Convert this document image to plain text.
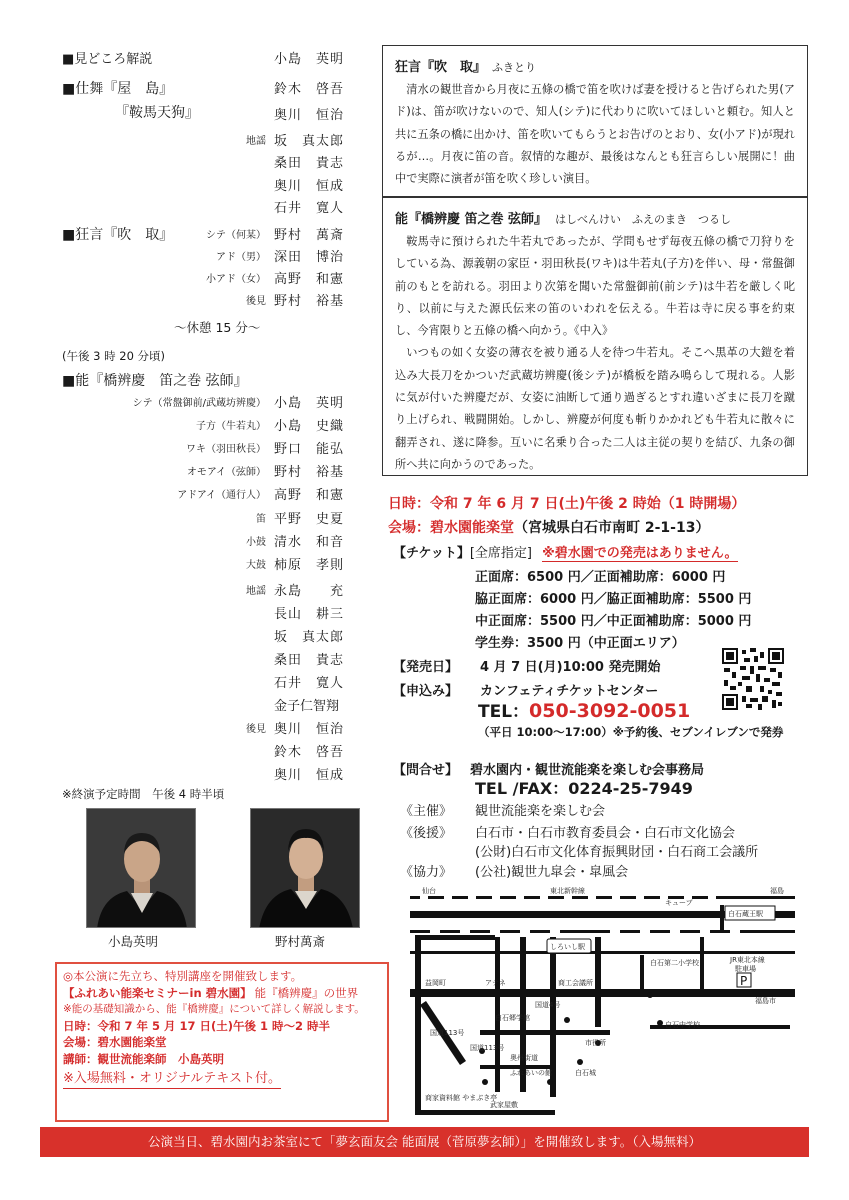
■見どころ解説	小島　英明
■仕舞『屋　島』	鈴木　啓吾
『鞍馬天狗』	奥川　恒治
地謡 坂　真太郎
桑田　貴志
奥川　恒成
石井　寛人
■狂言『吹　取』	シテ（何某） 野村　萬斎
アド（男） 深田　博治
小アド（女） 高野　和憲
後見 野村　裕基
〜休憩 15 分〜
(午後 3 時 20 分頃)
■能『橋辨慶　笛之巻 弦師』
シテ（常盤御前/武蔵坊辨慶） 小島　英明
子方（牛若丸） 小島　史織
ワキ（羽田秋長） 野口　能弘
オモアイ（弦師） 野村　裕基
アドアイ（通行人） 高野　和憲
笛 平野　史夏
小鼓 清水　和音
大鼓 柿原　孝則
地謡 永島　　充
長山　耕三
坂　真太郎
桑田　貴志
石井　寛人
金子仁智翔
後見 奥川　恒治
鈴木　啓吾
奥川　恒成
※終演予定時間　午後 4 時半頃
小島英明	野村萬斎
狂言『吹　取』 ふきとり

清水の観世音から月夜に五條の橋で笛を吹けば妻を授けると告げられた男(アド)は、笛が吹けないので、知人(シテ)に代わりに吹いてほしいと頼む。知人と共に五条の橋に出かけ、笛を吹いてもらうとお告げのとおり、女(小アド)が現れるが…。月夜に笛の音。叙情的な趣が、最後はなんとも狂言らしい展開に！曲中で実際に演者が笛を吹く珍しい演目。

能『橋辨慶 笛之巻 弦師』 はしべんけい　ふえのまき　つるし

鞍馬寺に預けられた牛若丸であったが、学問もせず毎夜五條の橋で刀狩りをしている為、源義朝の家臣・羽田秋長(ワキ)は牛若丸(子方)を伴い、母・常盤御前のもとを訪れる。羽田より次第を聞いた常盤御前(前シテ)は牛若を厳しく叱り、以前に与えた源氏伝来の笛のいわれを伝える。牛若は寺に戻る事を約束し、今宵限りと五條の橋へ向かう。《中入》

いつもの如く女姿の薄衣を被り通る人を待つ牛若丸。そこへ黒革の大鎧を着込み大長刀をかついだ武蔵坊辨慶(後シテ)が橋板を踏み鳴らして現れる。人影に気が付いた辨慶だが、女姿に油断して通り過ぎるとすれ違いざまに長刀を蹴り上げられ、戦闘開始。しかし、辨慶が何度も斬りかかれども牛若丸に散々に翻弄され、遂に降参。互いに名乗り合った二人は主従の契りを結び、九条の御所へ共に向かうのであった。

日時：令和 7 年 6 月 7 日(土)午後 2 時始（1 時開場）
会場：碧水園能楽堂（宮城県白石市南町 2-1-13）
【チケット】[全席指定] ※碧水園での発売はありません。
正面席：6500 円／正面補助席：6000 円
脇正面席：6000 円／脇正面補助席：5500 円
中正面席：5500 円／中正面補助席：5000 円
学生券：3500 円（中正面エリア）
【発売日】 4 月 7 日(月)10:00 発売開始
【申込み】 カンフェティチケットセンター
TEL：050-3092-0051
（平日 10:00〜17:00）※予約後、セブンイレブンで発券
【問合せ】 碧水園内・観世流能楽を楽しむ会事務局
TEL /FAX：0224-25-7949
《主催》 観世流能楽を楽しむ会
《後援》 白石市・白石市教育委員会・白石市文化協会
(公財)白石市文化体育振興財団・白石商工会議所
《協力》 (公社)観世九皐会・皐風会
P
仙台	東北新幹線
キューブ
福島
白石蔵王駅
しろいし駅
JR東北本線
白石第二小学校
駐車場
アテネ	商工会議所
益岡町
福島市
国道4号
白石郷学館
白石中学校
国道113号
奥州街道
市役所
白石城
ふれあいの館
商家資料館 やまぶき亭
武家屋敷
国道113号
◎本公演に先立ち、特別講座を開催致します。
【ふれあい能楽セミナーin 碧水園】 能『橋辨慶』の世界
※能の基礎知識から、能『橋辨慶』について詳しく解説します。
日時：令和 7 年 5 月 17 日(土)午後 1 時〜2 時半
会場：碧水園能楽堂
講師：観世流能楽師　小島英明
※入場無料・オリジナルテキスト付。
公演当日、碧水園内お茶室にて「夢玄面友会 能面展（菅原夢玄師）」を開催致します。（入場無料）
